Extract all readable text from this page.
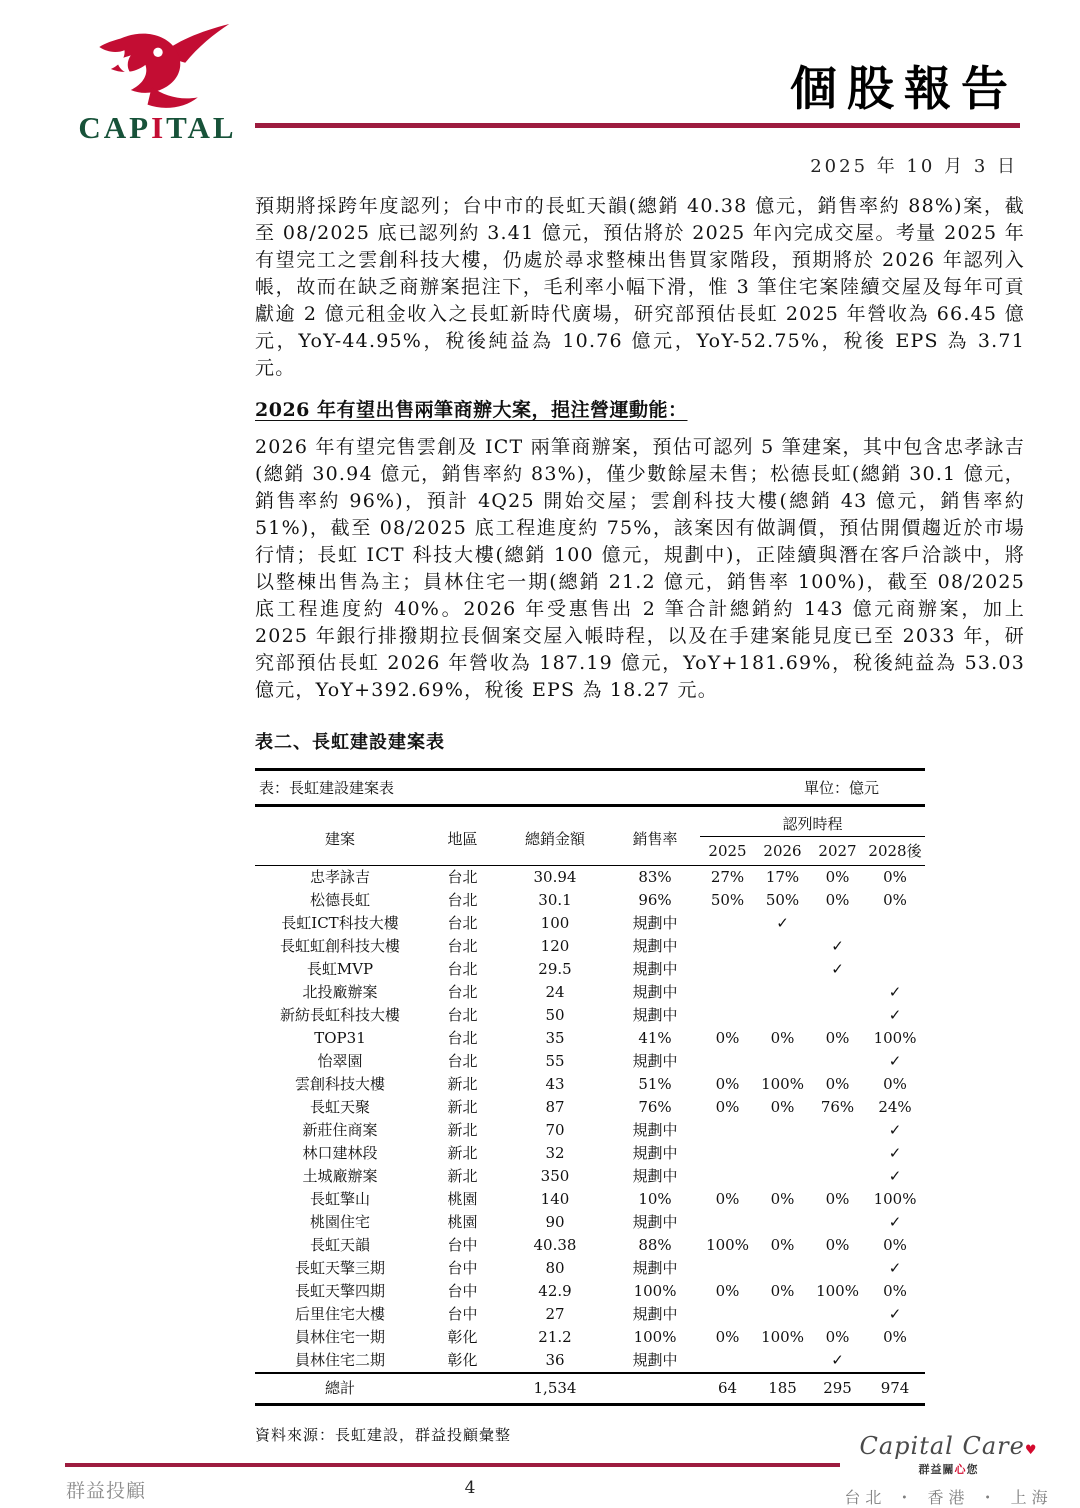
CAPITAL
個股報告
2025 年 10 月 3 日

預期將採跨年度認列；台中市的長虹天韻(總銷 40.38 億元，銷售率約 88%)案，截至 08/2025 底已認列約 3.41 億元，預估將於 2025 年內完成交屋。考量 2025 年有望完工之雲創科技大樓，仍處於尋求整棟出售買家階段，預期將於 2026 年認列入帳，故而在缺乏商辦案挹注下，毛利率小幅下滑，惟 3 筆住宅案陸續交屋及每年可貢獻逾 2 億元租金收入之長虹新時代廣場，研究部預估長虹 2025 年營收為 66.45 億元，YoY-44.95%，稅後純益為 10.76 億元，YoY-52.75%，稅後 EPS 為 3.71 元。

2026 年有望出售兩筆商辦大案，挹注營運動能：

2026 年有望完售雲創及 ICT 兩筆商辦案，預估可認列 5 筆建案，其中包含忠孝詠吉(總銷 30.94 億元，銷售率約 83%)，僅少數餘屋未售；松德長虹(總銷 30.1 億元，銷售率約 96%)，預計 4Q25 開始交屋；雲創科技大樓(總銷 43 億元，銷售率約 51%)，截至 08/2025 底工程進度約 75%，該案因有做調價，預估開價趨近於市場行情；長虹 ICT 科技大樓(總銷 100 億元，規劃中)，正陸續與潛在客戶洽談中，將以整棟出售為主；員林住宅一期(總銷 21.2 億元，銷售率 100%)，截至 08/2025 底工程進度約 40%。2026 年受惠售出 2 筆合計總銷約 143 億元商辦案，加上 2025 年銀行排撥期拉長個案交屋入帳時程，以及在手建案能見度已至 2033 年，研究部預估長虹 2026 年營收為 187.19 億元，YoY+181.69%，稅後純益為 53.03 億元，YoY+392.69%，稅後 EPS 為 18.27 元。

表二、長虹建設建案表
表：長虹建設建案表				單位：億元			
建案	地區	總銷金額	銷售率	認列時程			
				2025	2026	2027	2028後
忠孝詠吉	台北	30.94	83%	27%	17%	0%	0%
松德長虹	台北	30.1	96%	50%	50%	0%	0%
長虹ICT科技大樓	台北	100	規劃中		✓		
長虹虹創科技大樓	台北	120	規劃中			✓	
長虹MVP	台北	29.5	規劃中			✓	
北投廠辦案	台北	24	規劃中				✓
新紡長虹科技大樓	台北	50	規劃中				✓
TOP31	台北	35	41%	0%	0%	0%	100%
怡翠園	台北	55	規劃中				✓
雲創科技大樓	新北	43	51%	0%	100%	0%	0%
長虹天聚	新北	87	76%	0%	0%	76%	24%
新莊住商案	新北	70	規劃中				✓
林口建林段	新北	32	規劃中				✓
土城廠辦案	新北	350	規劃中				✓
長虹擎山	桃園	140	10%	0%	0%	0%	100%
桃園住宅	桃園	90	規劃中				✓
長虹天韻	台中	40.38	88%	100%	0%	0%	0%
長虹天擎三期	台中	80	規劃中				✓
長虹天擎四期	台中	42.9	100%	0%	0%	100%	0%
后里住宅大樓	台中	27	規劃中				✓
員林住宅一期	彰化	21.2	100%	0%	100%	0%	0%
員林住宅二期	彰化	36	規劃中			✓	
總計		1,534		64	185	295	974
資料來源：長虹建設，群益投顧彙整
群益投顧	4
Capital Care♥ 群益關心您
台北 ・ 香港 ・ 上海
